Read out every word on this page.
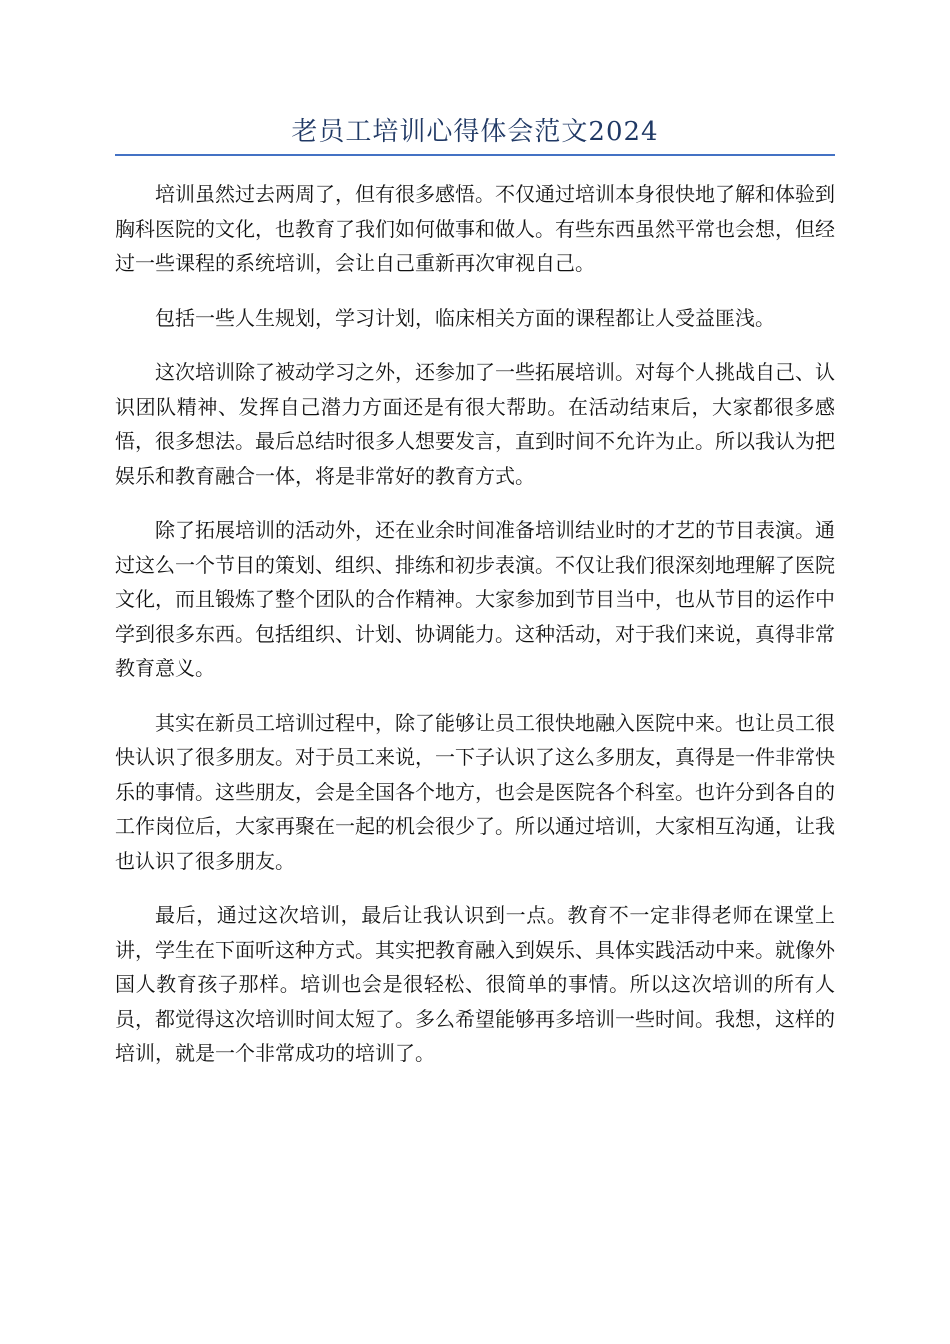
老员工培训心得体会范文2024

培训虽然过去两周了，但有很多感悟。不仅通过培训本身很快地了解和体验到胸科医院的文化，也教育了我们如何做事和做人。有些东西虽然平常也会想，但经过一些课程的系统培训，会让自己重新再次审视自己。

包括一些人生规划，学习计划，临床相关方面的课程都让人受益匪浅。

这次培训除了被动学习之外，还参加了一些拓展培训。对每个人挑战自己、认识团队精神、发挥自己潜力方面还是有很大帮助。在活动结束后，大家都很多感悟，很多想法。最后总结时很多人想要发言，直到时间不允许为止。所以我认为把娱乐和教育融合一体，将是非常好的教育方式。

除了拓展培训的活动外，还在业余时间准备培训结业时的才艺的节目表演。通过这么一个节目的策划、组织、排练和初步表演。不仅让我们很深刻地理解了医院文化，而且锻炼了整个团队的合作精神。大家参加到节目当中，也从节目的运作中学到很多东西。包括组织、计划、协调能力。这种活动，对于我们来说，真得非常教育意义。

其实在新员工培训过程中，除了能够让员工很快地融入医院中来。也让员工很快认识了很多朋友。对于员工来说，一下子认识了这么多朋友，真得是一件非常快乐的事情。这些朋友，会是全国各个地方，也会是医院各个科室。也许分到各自的工作岗位后，大家再聚在一起的机会很少了。所以通过培训，大家相互沟通，让我也认识了很多朋友。

最后，通过这次培训，最后让我认识到一点。教育不一定非得老师在课堂上讲，学生在下面听这种方式。其实把教育融入到娱乐、具体实践活动中来。就像外国人教育孩子那样。培训也会是很轻松、很简单的事情。所以这次培训的所有人员，都觉得这次培训时间太短了。多么希望能够再多培训一些时间。我想，这样的培训，就是一个非常成功的培训了。
